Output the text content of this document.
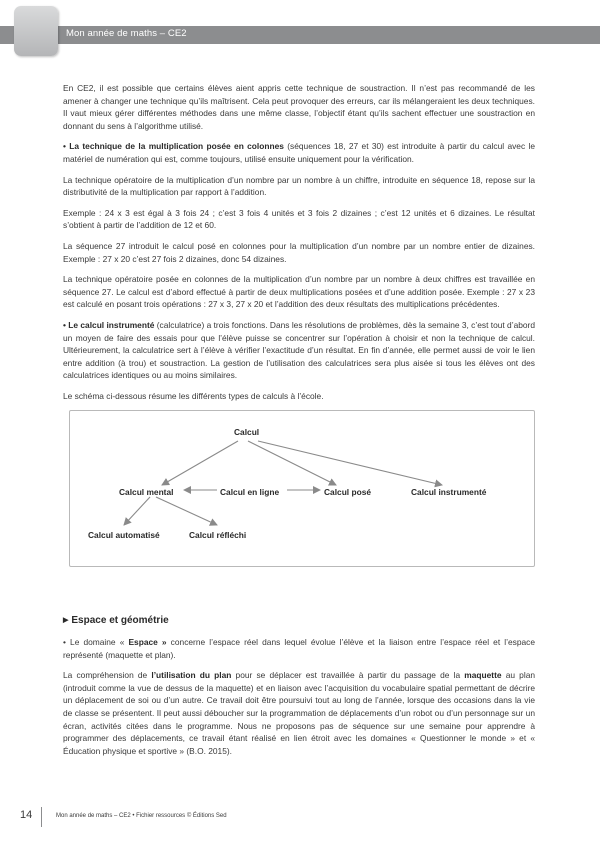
Mon année de maths – CE2

En CE2, il est possible que certains élèves aient appris cette technique de soustraction. Il n’est pas recommandé de les amener à changer une technique qu’ils maîtrisent. Cela peut provoquer des erreurs, car ils mélangeraient les deux techniques. Il vaut mieux gérer différentes méthodes dans une même classe, l’objectif étant qu’ils sachent effectuer une soustraction en donnant du sens à l’algorithme utilisé.

• La technique de la multiplication posée en colonnes (séquences 18, 27 et 30) est introduite à partir du calcul avec le matériel de numération qui est, comme toujours, utilisé ensuite uniquement pour la vérification.

La technique opératoire de la multiplication d’un nombre par un nombre à un chiffre, introduite en séquence 18, repose sur la distributivité de la multiplication par rapport à l’addition.

Exemple : 24 x 3 est égal à 3 fois 24 ; c’est 3 fois 4 unités et 3 fois 2 dizaines ; c’est 12 unités et 6 dizaines. Le résultat s’obtient à partir de l’addition de 12 et 60.

La séquence 27 introduit le calcul posé en colonnes pour la multiplication d’un nombre par un nombre entier de dizaines. Exemple : 27 x 20 c’est 27 fois 2 dizaines, donc 54 dizaines.

La technique opératoire posée en colonnes de la multiplication d’un nombre par un nombre à deux chiffres est travaillée en séquence 27. Le calcul est d’abord effectué à partir de deux multiplications posées et d’une addition posée. Exemple : 27 x 23 est calculé en posant trois opérations : 27 x 3, 27 x 20 et l’addition des deux résultats des multiplications précédentes.

• Le calcul instrumenté (calculatrice) a trois fonctions. Dans les résolutions de problèmes, dès la semaine 3, c’est tout d’abord un moyen de faire des essais pour que l’élève puisse se concentrer sur l’opération à choisir et non la technique de calcul. Ultérieurement, la calculatrice sert à l’élève à vérifier l’exactitude d’un résultat. En fin d’année, elle permet aussi de voir le lien entre addition (à trou) et soustraction. La gestion de l’utilisation des calculatrices sera plus aisée si tous les élèves ont des calculatrices identiques ou au moins similaires.

Le schéma ci-dessous résume les différents types de calculs à l’école.

Calcul
Calcul mental	Calcul en ligne	Calcul posé	Calcul instrumenté
Calcul automatisé	Calcul réfléchi
▶ Espace et géométrie

• Le domaine « Espace » concerne l’espace réel dans lequel évolue l’élève et la liaison entre l’espace réel et l’espace représenté (maquette et plan).

La compréhension de l’utilisation du plan pour se déplacer est travaillée à partir du passage de la maquette au plan (introduit comme la vue de dessus de la maquette) et en liaison avec l’acquisition du vocabulaire spatial permettant de décrire un déplacement de soi ou d’un autre. Ce travail doit être poursuivi tout au long de l’année, lorsque des occasions dans la vie de classe se présentent. Il peut aussi déboucher sur la programmation de déplacements d’un robot ou d’un personnage sur un écran, activités citées dans le programme. Nous ne proposons pas de séquence sur une semaine pour apprendre à programmer des déplacements, ce travail étant réalisé en lien étroit avec les domaines « Questionner le monde » et « Éducation physique et sportive » (B.O. 2015).

14	Mon année de maths – CE2 • Fichier ressources © Éditions Sed
